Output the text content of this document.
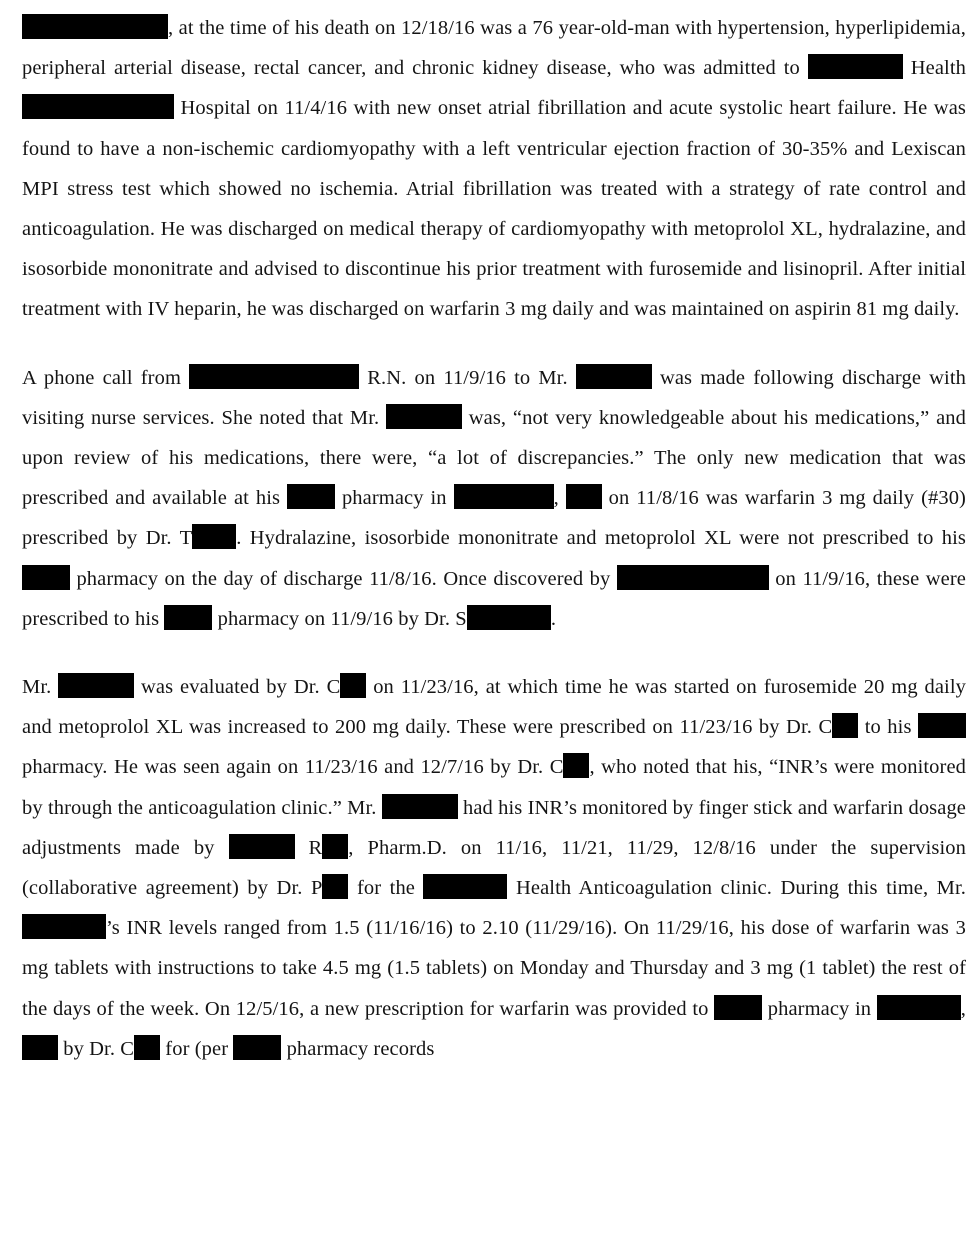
, at the time of his death on 12/18/16 was a 76 year-old-man with hypertension, hyperlipidemia, peripheral arterial disease, rectal cancer, and chronic kidney disease, who was admitted to	Health  Hospital on 11/4/16 with new onset atrial fibrillation and acute systolic heart failure. He was found to have a non-ischemic cardiomyopathy with a left ventricular ejection fraction of 30-35% and Lexiscan MPI stress test which showed no ischemia. Atrial fibrillation was treated with a strategy of rate control and anticoagulation. He was discharged on medical therapy of cardiomyopathy with metoprolol XL, hydralazine, and isosorbide mononitrate and advised to discontinue his prior treatment with furosemide and lisinopril. After initial treatment with IV heparin, he was discharged on warfarin 3 mg daily and was maintained on aspirin 81 mg daily.

A phone call from	R.N. on 11/9/16 to Mr.	was made following discharge with visiting nurse services. She noted that Mr.	was, “not very knowledgeable about his medications,” and upon review of his medications, there were, “a lot of discrepancies.” The only new medication that was prescribed and available at his  pharmacy in	,  on 11/8/16 was warfarin 3 mg daily (#30) prescribed by Dr. T . Hydralazine, isosorbide mononitrate and metoprolol XL were not prescribed to his  pharmacy on the day of discharge 11/8/16. Once discovered by	on 11/9/16, these were prescribed to his  pharmacy on 11/9/16 by Dr. S	.

Mr.	was evaluated by Dr. C on 11/23/16, at which time he was started on furosemide 20 mg daily and metoprolol XL was increased to 200 mg daily. These were prescribed on 11/23/16 by Dr. C to his  pharmacy. He was seen again on 11/23/16 and 12/7/16 by Dr. C , who noted that his, “INR’s were monitored by through the anticoagulation clinic.” Mr.	had his INR’s monitored by finger stick and warfarin dosage adjustments made by	R , Pharm.D. on 11/16, 11/21, 11/29, 12/8/16 under the supervision (collaborative agreement) by Dr. P for the	Health Anticoagulation clinic. During this time, Mr. ’s INR levels ranged from 1.5 (11/16/16) to 2.10 (11/29/16). On 11/29/16, his dose of warfarin was 3 mg tablets with instructions to take 4.5 mg (1.5 tablets) on Monday and Thursday and 3 mg (1 tablet) the rest of the days of the week. On 12/5/16, a new prescription for warfarin was provided to  pharmacy in	,  by Dr. C for (per  pharmacy records
